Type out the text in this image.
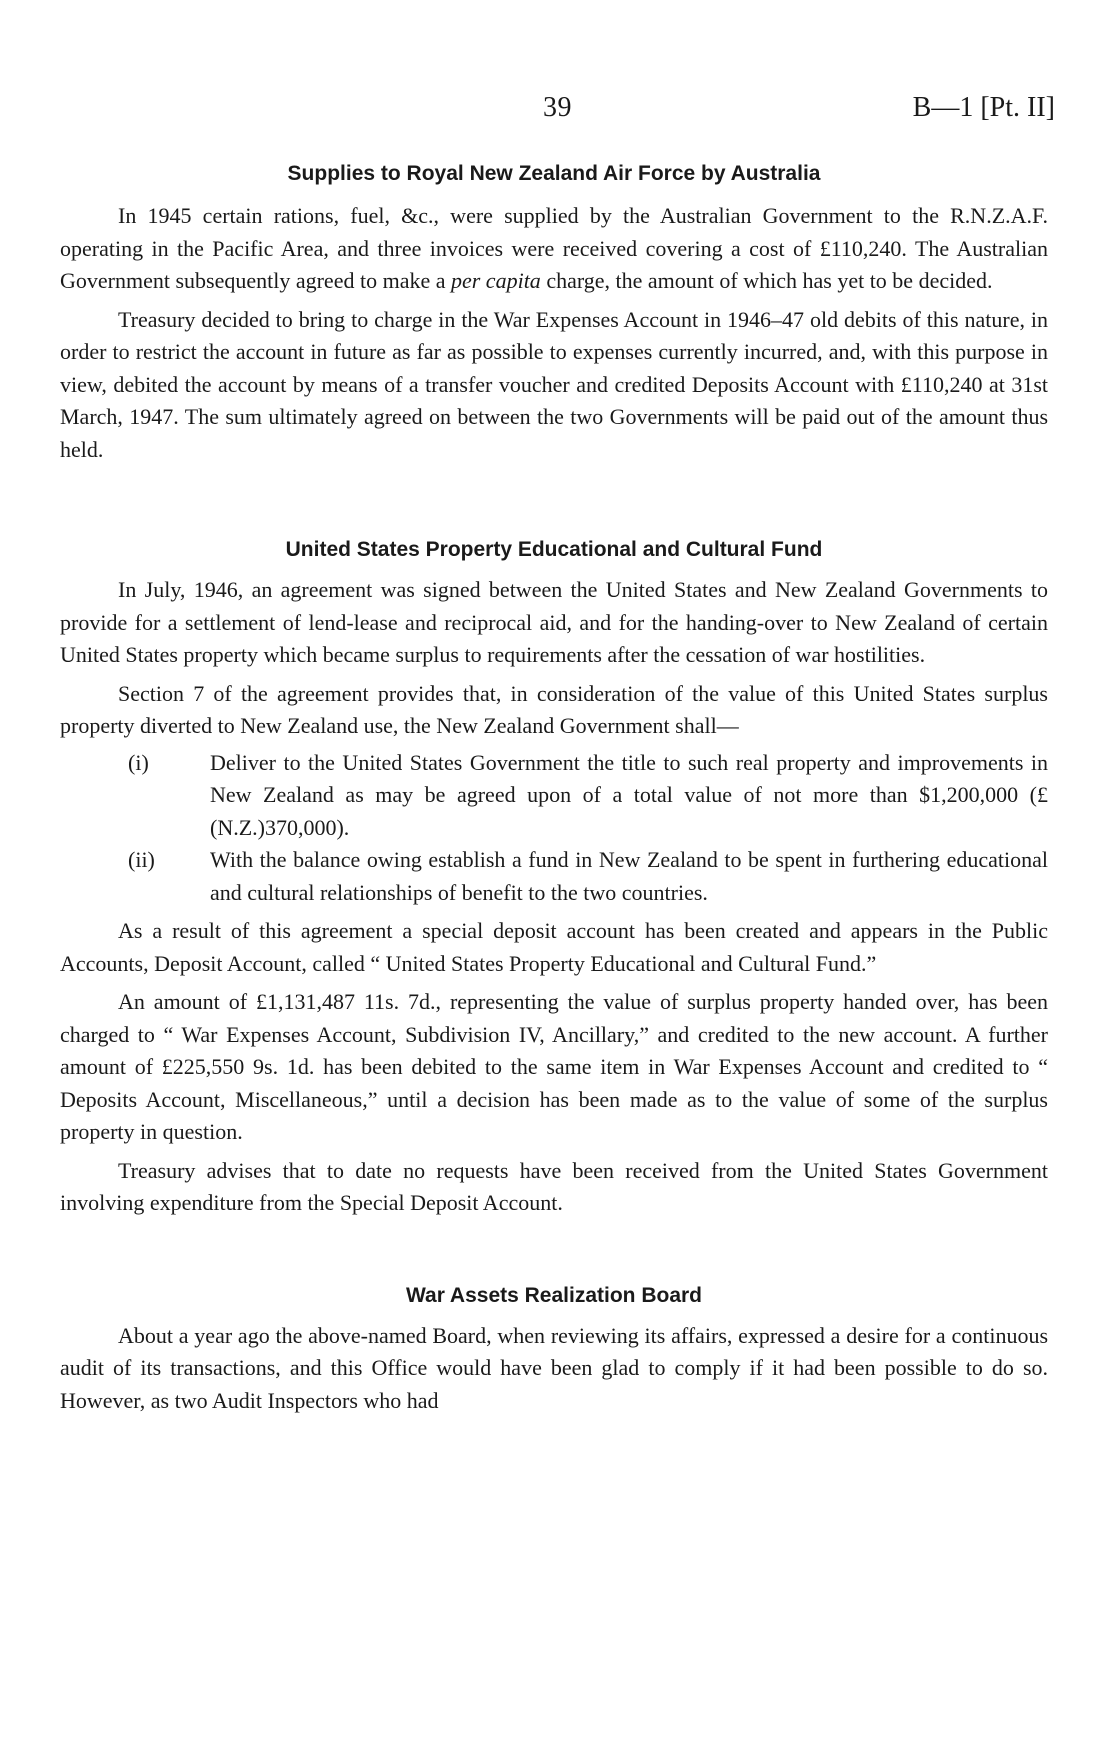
39	B—1 [Pt. II]
Supplies to Royal New Zealand Air Force by Australia

In 1945 certain rations, fuel, &c., were supplied by the Australian Government to the R.N.Z.A.F. operating in the Pacific Area, and three invoices were received covering a cost of £110,240. The Australian Government subsequently agreed to make a per capita charge, the amount of which has yet to be decided.

Treasury decided to bring to charge in the War Expenses Account in 1946–47 old debits of this nature, in order to restrict the account in future as far as possible to expenses currently incurred, and, with this purpose in view, debited the account by means of a transfer voucher and credited Deposits Account with £110,240 at 31st March, 1947. The sum ultimately agreed on between the two Governments will be paid out of the amount thus held.

United States Property Educational and Cultural Fund

In July, 1946, an agreement was signed between the United States and New Zealand Governments to provide for a settlement of lend-lease and reciprocal aid, and for the handing-over to New Zealand of certain United States property which became surplus to requirements after the cessation of war hostilities.

Section 7 of the agreement provides that, in consideration of the value of this United States surplus property diverted to New Zealand use, the New Zealand Government shall—

(i)	Deliver to the United States Government the title to such real property and improvements in New Zealand as may be agreed upon of a total value of not more than $1,200,000 (£(N.Z.)370,000).
(ii)	With the balance owing establish a fund in New Zealand to be spent in furthering educational and cultural relationships of benefit to the two countries.

As a result of this agreement a special deposit account has been created and appears in the Public Accounts, Deposit Account, called “ United States Property Educational and Cultural Fund.”

An amount of £1,131,487 11s. 7d., representing the value of surplus property handed over, has been charged to “ War Expenses Account, Subdivision IV, Ancillary,” and credited to the new account. A further amount of £225,550 9s. 1d. has been debited to the same item in War Expenses Account and credited to “ Deposits Account, Miscellaneous,” until a decision has been made as to the value of some of the surplus property in question.

Treasury advises that to date no requests have been received from the United States Government involving expenditure from the Special Deposit Account.

War Assets Realization Board

About a year ago the above-named Board, when reviewing its affairs, expressed a desire for a continuous audit of its transactions, and this Office would have been glad to comply if it had been possible to do so. However, as two Audit Inspectors who had
